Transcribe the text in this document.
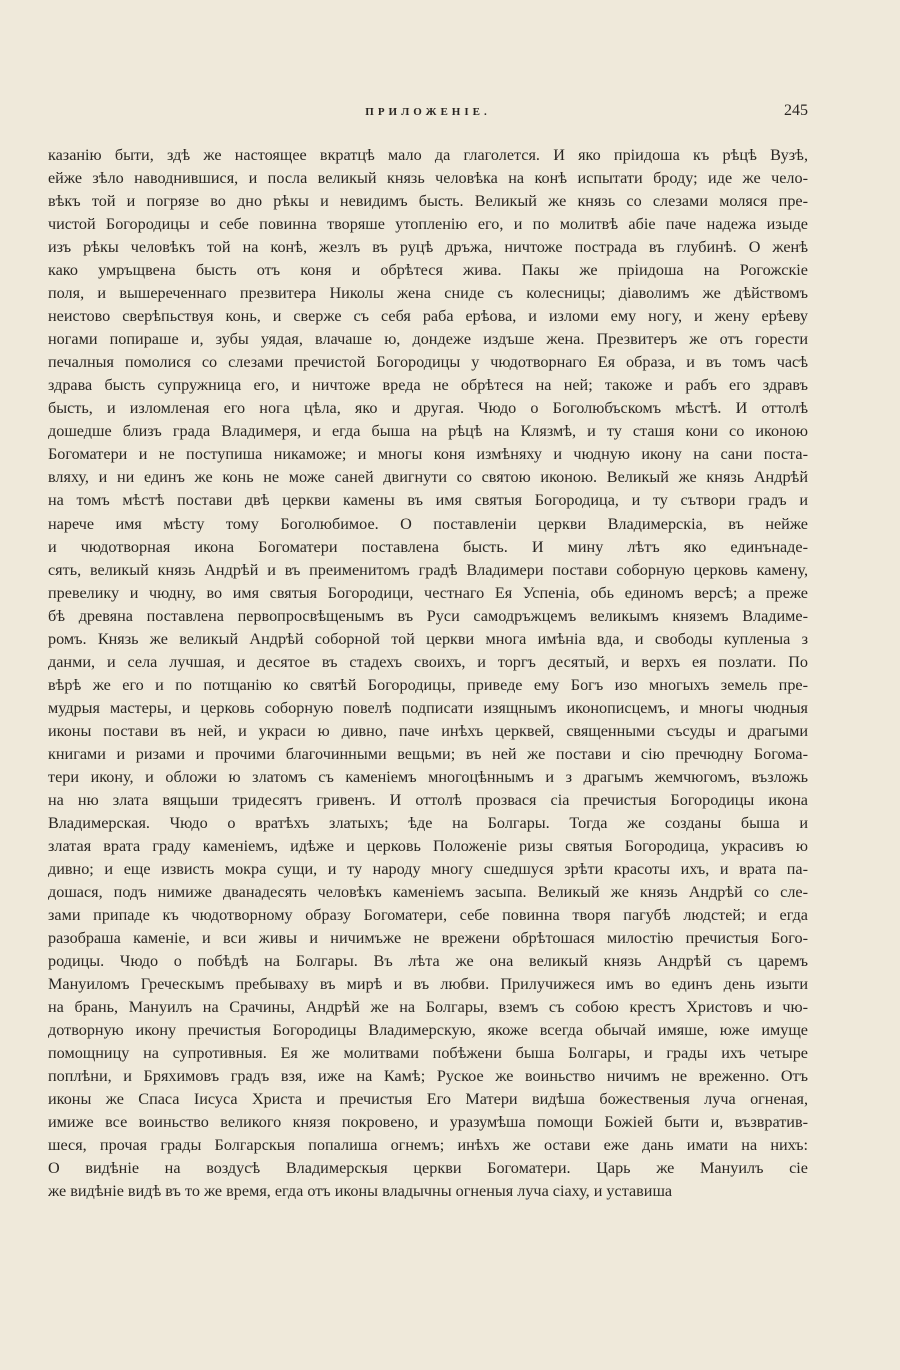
ПРИЛОЖЕНІЕ.	245
казанію быти, здѣ же настоящее вкратцѣ мало да глаголется. И яко пріидоша къ рѣцѣ Вузѣ,
ейже зѣло наводнившися, и посла великый князь человѣка на конѣ испытати броду; иде же чело-
вѣкъ той и погрязе во дно рѣкы и невидимъ бысть. Великый же князь со слезами моляся пре-
чистой Богородицы и себе повинна творяше утопленію его, и по молитвѣ абіе паче надежа изыде
изъ рѣкы человѣкъ той на конѣ, жезлъ въ руцѣ дръжа, ничтоже пострада въ глубинѣ. О женѣ
како умръщвена бысть отъ коня и обрѣтеся жива. Пакы же пріидоша на Рогожскіе
поля, и вышереченнаго презвитера Николы жена сниде съ колесницы; діаволимъ же дѣйствомъ
неистово сверѣпьствуя конь, и сверже съ себя раба ерѣова, и изломи ему ногу, и жену ерѣеву
ногами попираше и, зубы уядая, влачаше ю, дондеже издъше жена. Презвитеръ же отъ горести
печалныя помолися со слезами пречистой Богородицы у чюдотворнаго Ея образа, и въ томъ часѣ
здрава бысть супружница его, и ничтоже вреда не обрѣтеся на ней; такоже и рабъ его здравъ
бысть, и изломленая его нога цѣла, яко и другая. Чюдо о Боголюбъскомъ мѣстѣ. И оттолѣ
дошедше близъ града Владимеря, и егда быша на рѣцѣ на Клязмѣ, и ту сташя кони со иконою
Богоматери и не поступиша никаможе; и многы коня измѣняху и чюдную икону на сани поста-
вляху, и ни единъ же конь не може саней двигнути со святою иконою. Великый же князь Андрѣй
на томъ мѣстѣ постави двѣ церкви камены въ имя святыя Богородица, и ту сътвори градъ и
нарече имя мѣсту тому Боголюбимое. О поставленіи церкви Владимерскіа, въ нейже
и чюдотворная икона Богоматери поставлена бысть. И мину лѣтъ яко единънаде-
сять, великый князь Андрѣй и въ преименитомъ градѣ Владимери постави соборную церковь камену,
превелику и чюдну, во имя святыя Богородици, честнаго Ея Успеніа, обь единомъ версѣ; а преже
бѣ древяна поставлена первопросвѣщенымъ въ Руси самодръжцемъ великымъ княземъ Владиме-
ромъ. Князь же великый Андрѣй соборной той церкви многа имѣніа вда, и свободы купленыа з
данми, и села лучшая, и десятое въ стадехъ своихъ, и торгъ десятый, и верхъ ея позлати. По
вѣрѣ же его и по потщанію ко святѣй Богородицы, приведе ему Богъ изо многыхъ земель пре-
мудрыя мастеры, и церковь соборную повелѣ подписати изящнымъ иконописцемъ, и многы чюдныя
иконы постави въ ней, и украси ю дивно, паче инѣхъ церквей, священными съсуды и драгыми
книгами и ризами и прочими благочинными вещьми; въ ней же постави и сію пречюдну Богома-
тери икону, и обложи ю златомъ съ каменіемъ многоцѣннымъ и з драгымъ жемчюгомъ, възложь
на ню злата вящьши тридесятъ гривенъ. И оттолѣ прозвася сіа пречистыя Богородицы икона
Владимерская. Чюдо о вратѣхъ златыхъ; ѣде на Болгары. Тогда же созданы быша и
златая врата граду каменіемъ, идѣже и церковь Положеніе ризы святыя Богородица, украсивъ ю
дивно; и еще извисть мокра сущи, и ту народу многу сшедшуся зрѣти красоты ихъ, и врата па-
дошася, подъ нимиже дванадесять человѣкъ каменіемъ засыпа. Великый же князь Андрѣй со сле-
зами припаде къ чюдотворному образу Богоматери, себе повинна творя пагубѣ людстей; и егда
разобраша каменіе, и вси живы и ничимъже не врежени обрѣтошася милостію пречистыя Бого-
родицы. Чюдо о побѣдѣ на Болгары. Въ лѣта же она великый князь Андрѣй съ царемъ
Мануиломъ Греческымъ пребываху въ мирѣ и въ любви. Прилучижеся имъ во единъ день изыти
на брань, Мануилъ на Срачины, Андрѣй же на Болгары, вземъ съ собою крестъ Христовъ и чю-
дотворную икону пречистыя Богородицы Владимерскую, якоже всегда обычай имяше, юже имуще
помощницу на супротивныя. Ея же молитвами побѣжени быша Болгары, и грады ихъ четыре
поплѣни, и Бряхимовъ градъ взя, иже на Камѣ; Руское же воиньство ничимъ не вреженно. Отъ
иконы же Спаса Іисуса Христа и пречистыя Его Матери видѣша божественыя луча огненая,
имиже все воиньство великого князя покровено, и уразумѣша помощи Божіей быти и, възвратив-
шеся, прочая грады Болгарскыя попалиша огнемъ; инѣхъ же остави еже дань имати на нихъ:
О видѣніе на воздусѣ Владимерскыя церкви Богоматери. Царь же Мануилъ сіе
же видѣніе видѣ въ то же время, егда отъ иконы владычны огненыя луча сіаху, и уставиша
